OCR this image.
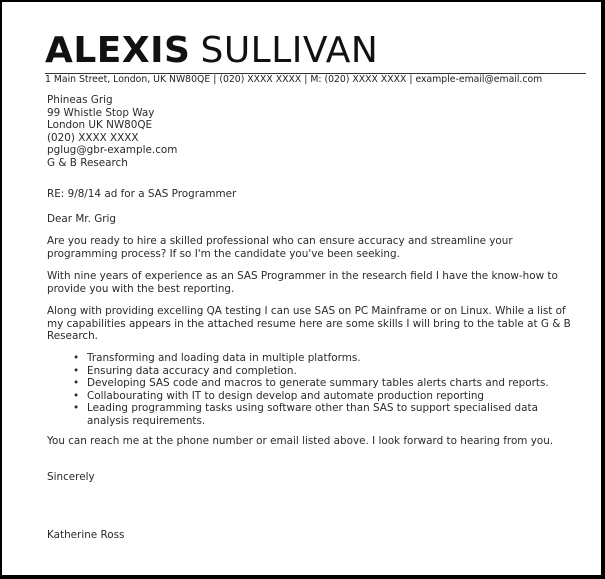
ALEXIS SULLIVAN
1 Main Street, London, UK NW80QE | (020) XXXX XXXX | M: (020) XXXX XXXX | example-email@email.com
Phineas Grig
99 Whistle Stop Way
London UK NW80QE
(020) XXXX XXXX
pglug@gbr-example.com
G & B Research

RE: 9/8/14 ad for a SAS Programmer

Dear Mr. Grig

Are you ready to hire a skilled professional who can ensure accuracy and streamline your programming process? If so I'm the candidate you've been seeking.

With nine years of experience as an SAS Programmer in the research field I have the know-how to provide you with the best reporting.

Along with providing excelling QA testing I can use SAS on PC Mainframe or on Linux. While a list of my capabilities appears in the attached resume here are some skills I will bring to the table at G & B Research.

• Transforming and loading data in multiple platforms.
• Ensuring data accuracy and completion.
• Developing SAS code and macros to generate summary tables alerts charts and reports.
• Collabourating with IT to design develop and automate production reporting
• Leading programming tasks using software other than SAS to support specialised data analysis requirements.

You can reach me at the phone number or email listed above. I look forward to hearing from you.

Sincerely

Katherine Ross
